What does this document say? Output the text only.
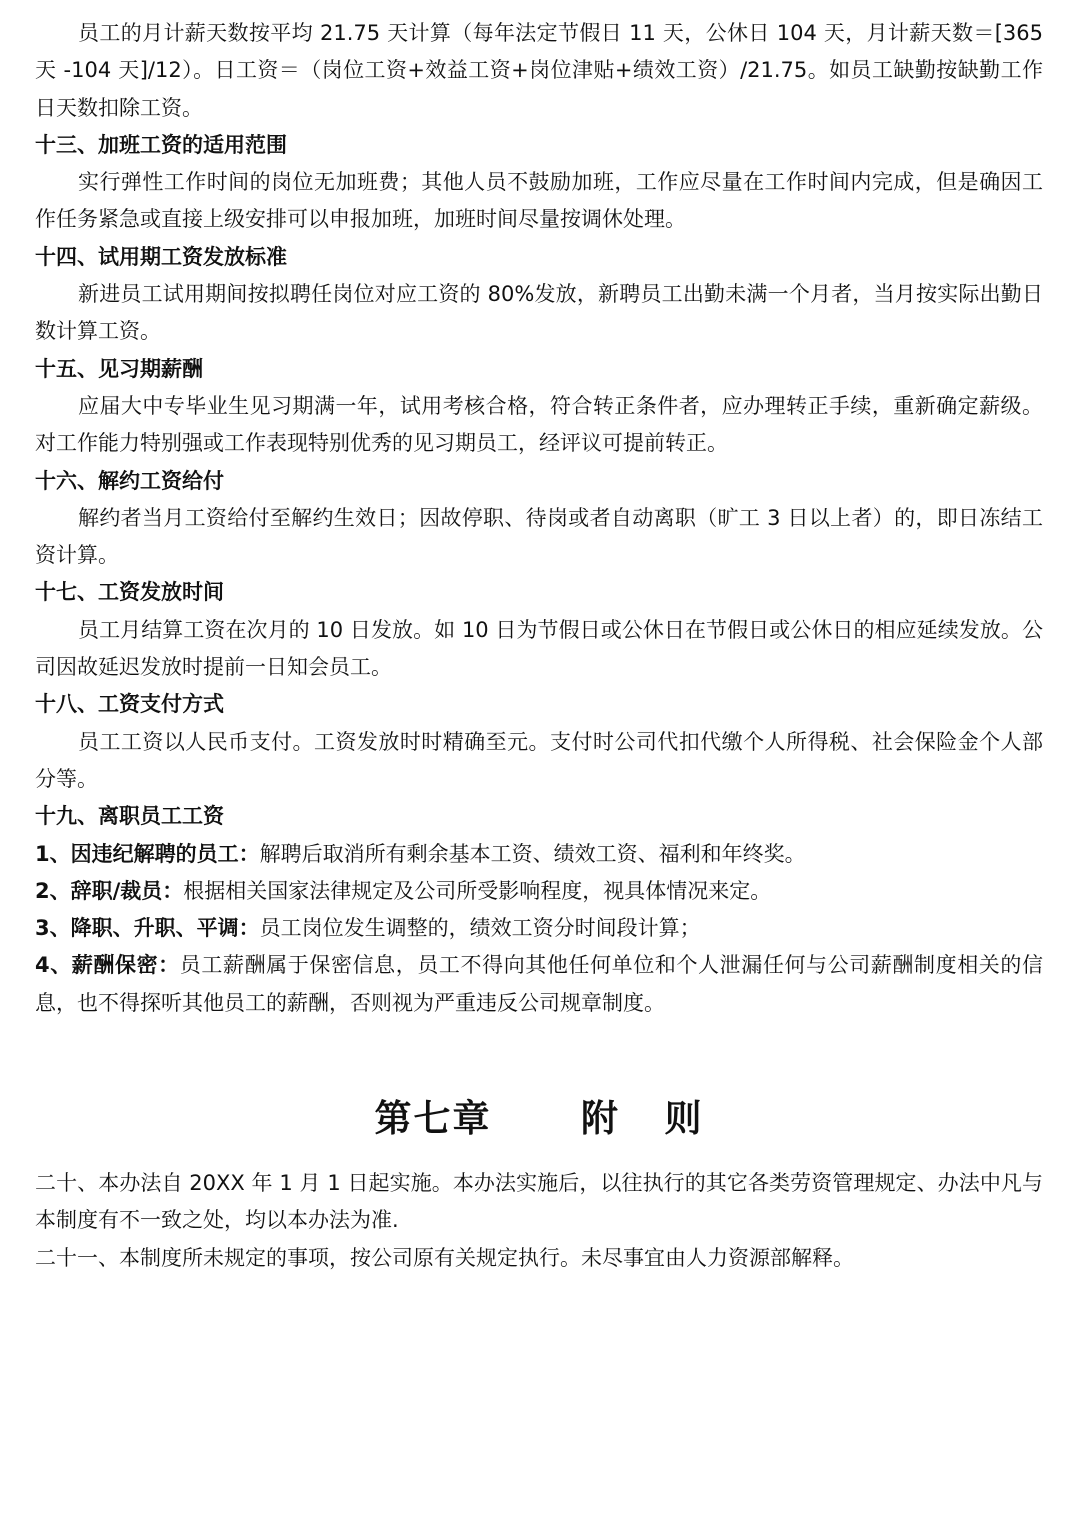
员工的月计薪天数按平均 21.75 天计算（每年法定节假日 11 天，公休日 104 天，月计薪天数＝[365 天 -104 天]/12）。日工资＝（岗位工资+效益工资+岗位津贴+绩效工资）/21.75。如员工缺勤按缺勤工作日天数扣除工资。

十三、加班工资的适用范围

实行弹性工作时间的岗位无加班费；其他人员不鼓励加班，工作应尽量在工作时间内完成，但是确因工作任务紧急或直接上级安排可以申报加班，加班时间尽量按调休处理。

十四、试用期工资发放标准

新进员工试用期间按拟聘任岗位对应工资的 80%发放，新聘员工出勤未满一个月者，当月按实际出勤日数计算工资。

十五、见习期薪酬

应届大中专毕业生见习期满一年，试用考核合格，符合转正条件者，应办理转正手续，重新确定薪级。对工作能力特别强或工作表现特别优秀的见习期员工，经评议可提前转正。

十六、解约工资给付

解约者当月工资给付至解约生效日；因故停职、待岗或者自动离职（旷工 3 日以上者）的，即日冻结工资计算。

十七、工资发放时间

员工月结算工资在次月的 10 日发放。如 10 日为节假日或公休日在节假日或公休日的相应延续发放。公司因故延迟发放时提前一日知会员工。

十八、工资支付方式

员工工资以人民币支付。工资发放时时精确至元。支付时公司代扣代缴个人所得税、社会保险金个人部分等。

十九、离职员工工资

1、因违纪解聘的员工：解聘后取消所有剩余基本工资、绩效工资、福利和年终奖。

2、辞职/裁员：根据相关国家法律规定及公司所受影响程度，视具体情况来定。

3、降职、升职、平调：员工岗位发生调整的，绩效工资分时间段计算；

4、薪酬保密：员工薪酬属于保密信息，员工不得向其他任何单位和个人泄漏任何与公司薪酬制度相关的信息，也不得探听其他员工的薪酬，否则视为严重违反公司规章制度。

第七章      附   则

二十、本办法自 20XX 年 1 月 1 日起实施。本办法实施后，以往执行的其它各类劳资管理规定、办法中凡与本制度有不一致之处，均以本办法为准.

二十一、本制度所未规定的事项，按公司原有关规定执行。未尽事宜由人力资源部解释。
